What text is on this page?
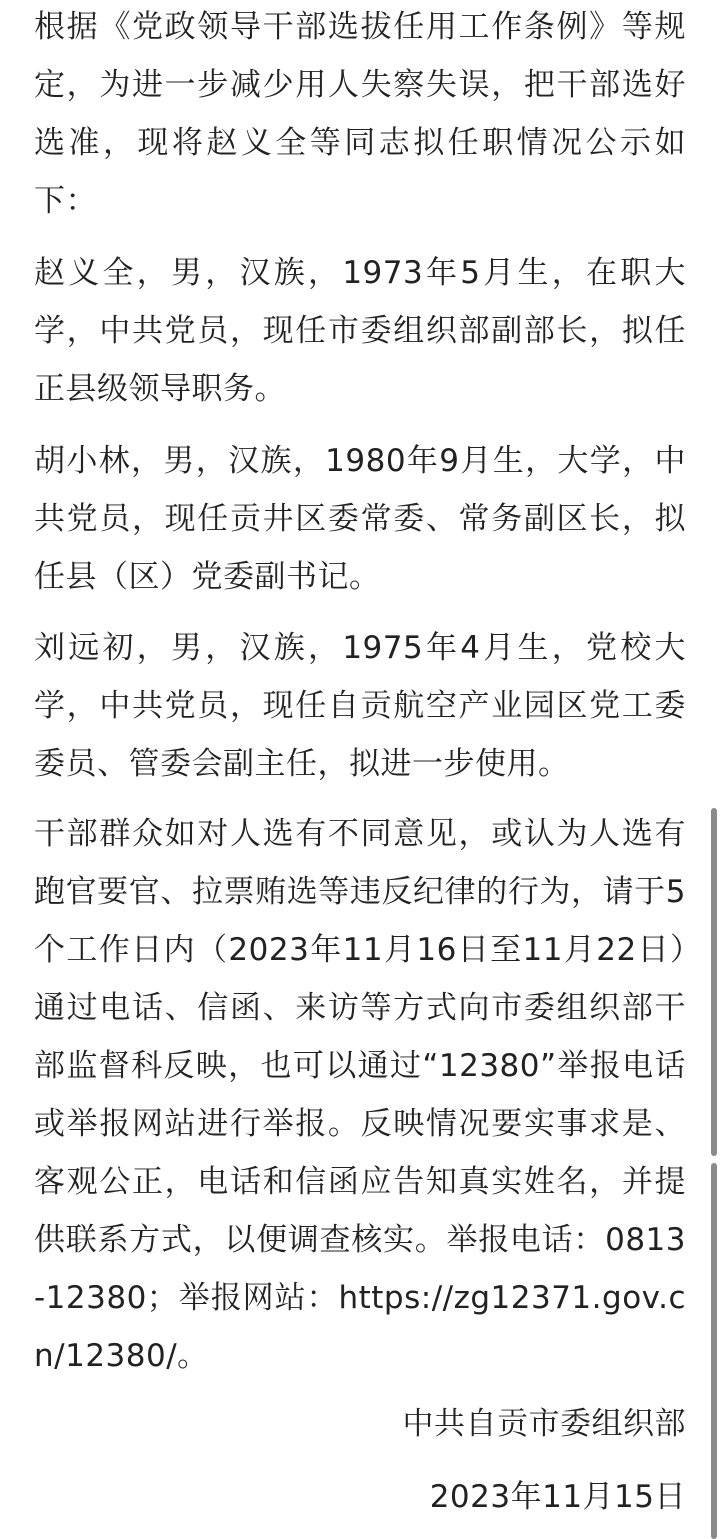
根据《党政领导干部选拔任用工作条例》等规定，为进一步减少用人失察失误，把干部选好选准，现将赵义全等同志拟任职情况公示如下：

赵义全，男，汉族，1973年5月生，在职大学，中共党员，现任市委组织部副部长，拟任正县级领导职务。

胡小林，男，汉族，1980年9月生，大学，中共党员，现任贡井区委常委、常务副区长，拟任县（区）党委副书记。

刘远初，男，汉族，1975年4月生，党校大学，中共党员，现任自贡航空产业园区党工委委员、管委会副主任，拟进一步使用。

干部群众如对人选有不同意见，或认为人选有跑官要官、拉票贿选等违反纪律的行为，请于5个工作日内（2023年11月16日至11月22日）通过电话、信函、来访等方式向市委组织部干部监督科反映，也可以通过“12380”举报电话或举报网站进行举报。反映情况要实事求是、客观公正，电话和信函应告知真实姓名，并提供联系方式，以便调查核实。举报电话：0813-12380；举报网站：https://zg12371.gov.cn/12380/。

中共自贡市委组织部

2023年11月15日
